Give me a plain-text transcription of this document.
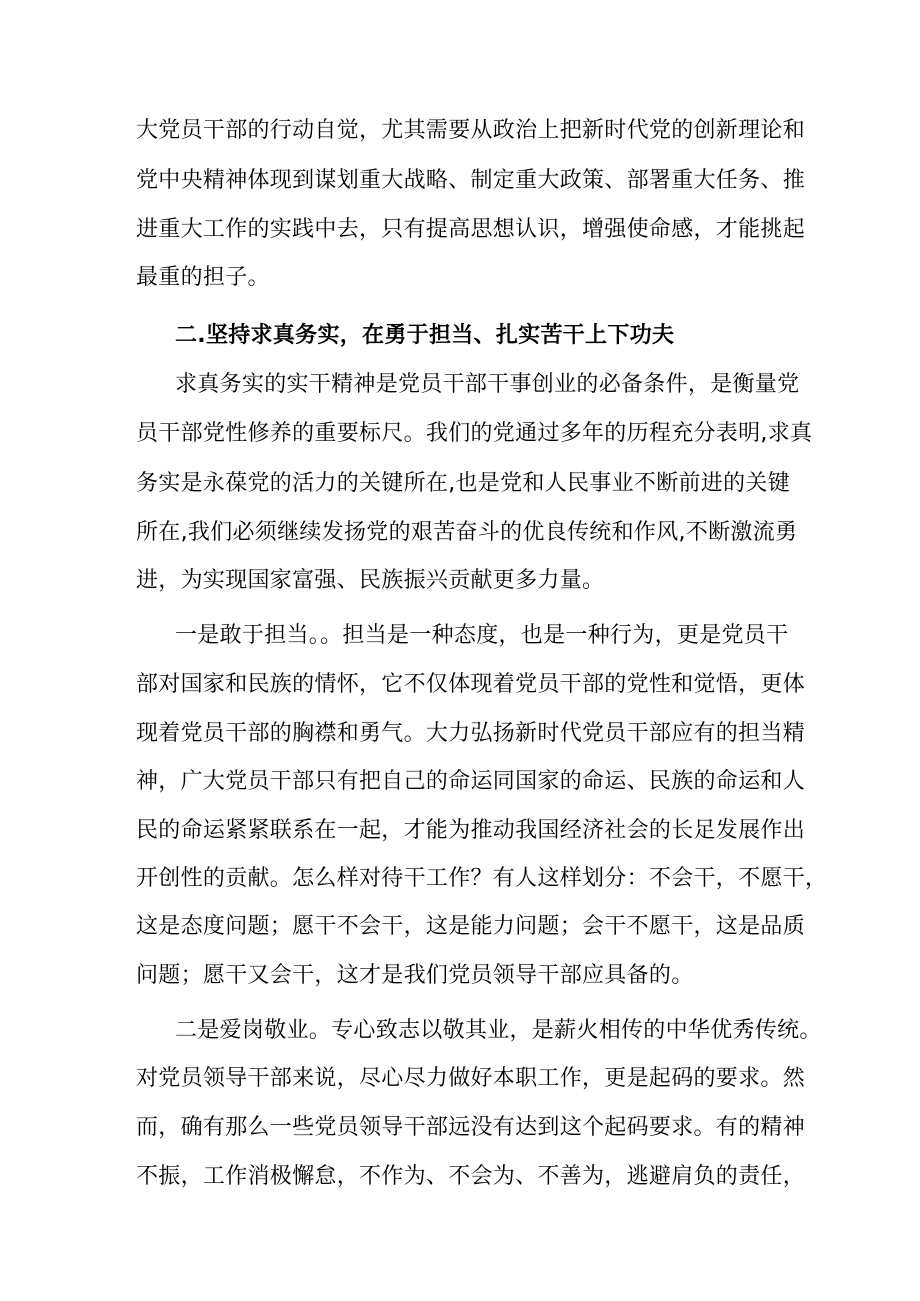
大党员干部的行动自觉，尤其需要从政治上把新时代党的创新理论和
党中央精神体现到谋划重大战略、制定重大政策、部署重大任务、推
进重大工作的实践中去，只有提高思想认识，增强使命感，才能挑起
最重的担子。
二.坚持求真务实，在勇于担当、扎实苦干上下功夫
求真务实的实干精神是党员干部干事创业的必备条件，是衡量党
员干部党性修养的重要标尺。我们的党通过多年的历程充分表明,求真
务实是永葆党的活力的关键所在,也是党和人民事业不断前进的关键
所在,我们必须继续发扬党的艰苦奋斗的优良传统和作风,不断激流勇
进，为实现国家富强、民族振兴贡献更多力量。
一是敢于担当。。担当是一种态度，也是一种行为，更是党员干
部对国家和民族的情怀，它不仅体现着党员干部的党性和觉悟，更体
现着党员干部的胸襟和勇气。大力弘扬新时代党员干部应有的担当精
神，广大党员干部只有把自己的命运同国家的命运、民族的命运和人
民的命运紧紧联系在一起，才能为推动我国经济社会的长足发展作出
开创性的贡献。怎么样对待干工作？有人这样划分：不会干，不愿干，
这是态度问题；愿干不会干，这是能力问题；会干不愿干，这是品质
问题；愿干又会干，这才是我们党员领导干部应具备的。
二是爱岗敬业。专心致志以敬其业，是薪火相传的中华优秀传统。
对党员领导干部来说，尽心尽力做好本职工作，更是起码的要求。然
而，确有那么一些党员领导干部远没有达到这个起码要求。有的精神
不振，工作消极懈怠，不作为、不会为、不善为，逃避肩负的责任，
